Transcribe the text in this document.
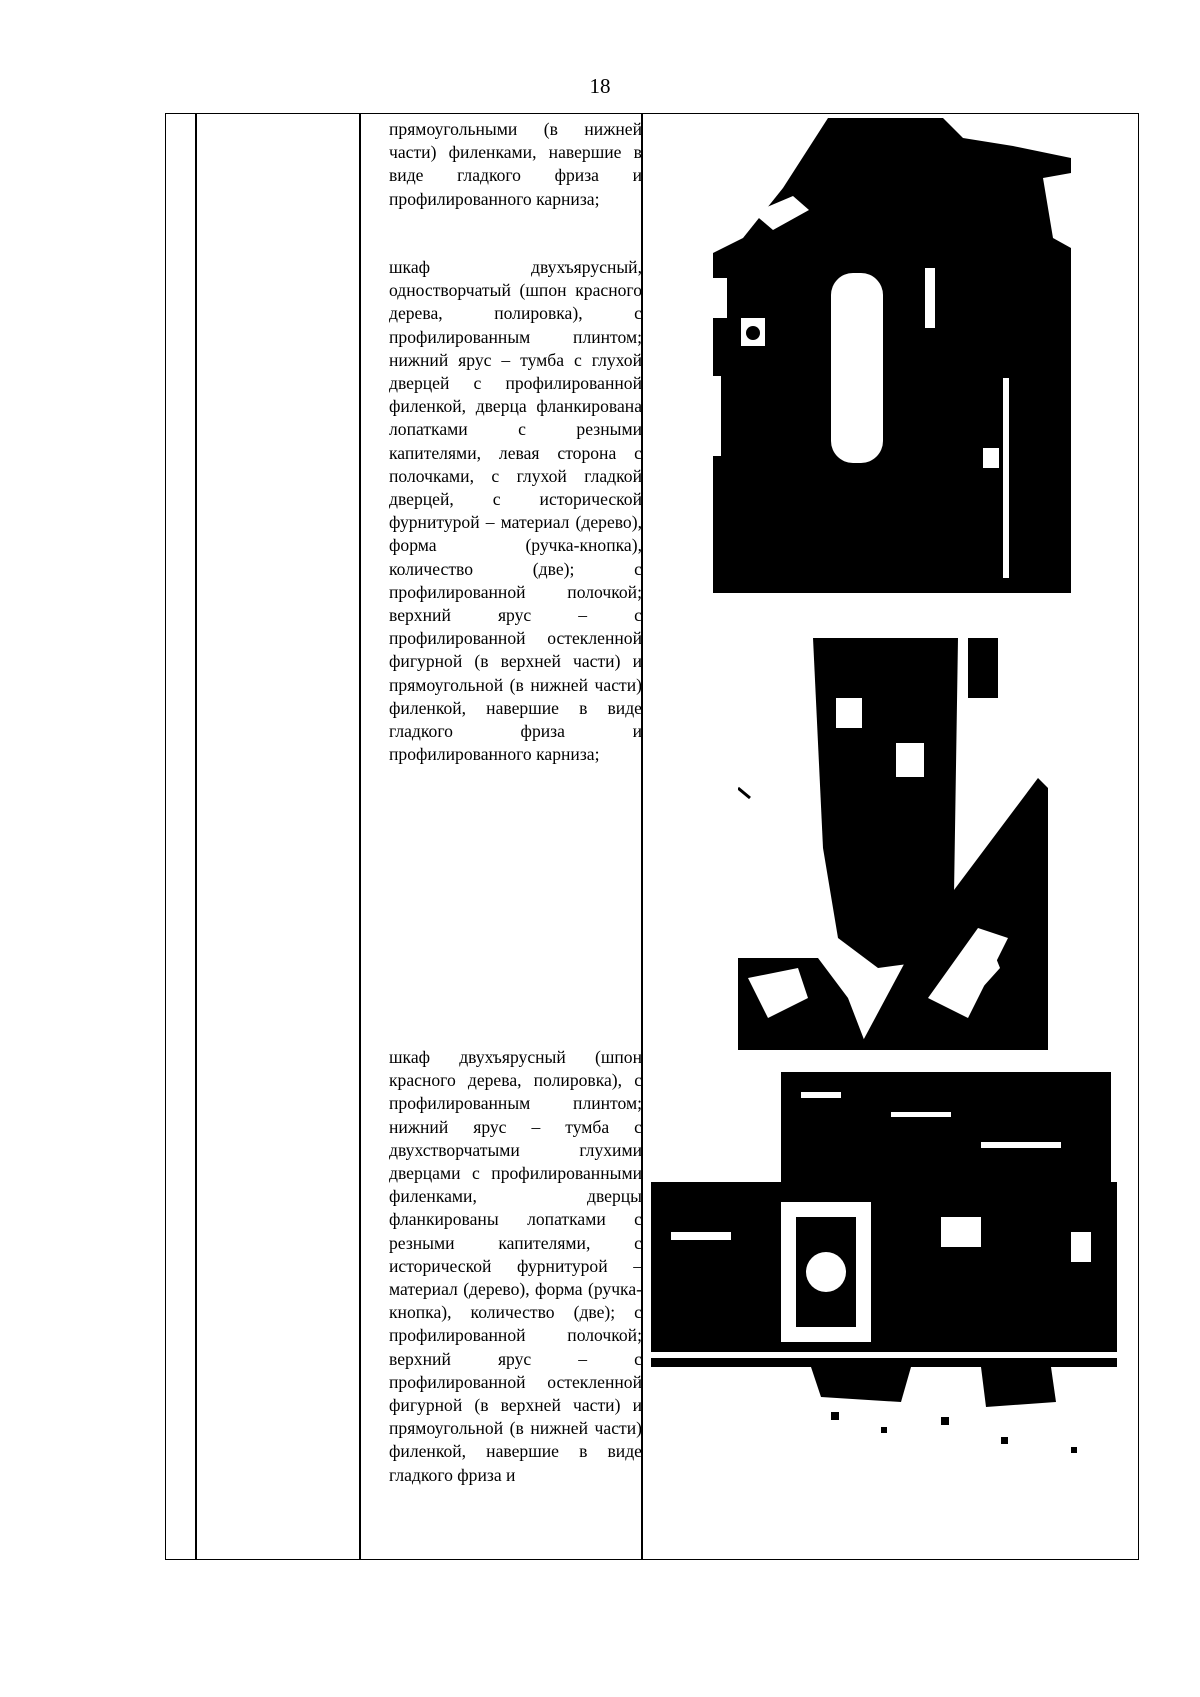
18

прямоугольными (в нижней части) филенками, навершие в виде гладкого фриза и профилированного карниза;

шкаф двухъярусный, одностворчатый (шпон красного дерева, полировка), с профилированным плинтом; нижний ярус – тумба с глухой дверцей с профилированной филенкой, дверца фланкирована лопатками с резными капителями, левая сторона с полочками, с глухой гладкой дверцей, с исторической фурнитурой – материал (дерево), форма (ручка-кнопка), количество (две); с профилированной полочкой; верхний ярус – с профилированной остекленной фигурной (в верхней части) и прямоугольной (в нижней части) филенкой, навершие в виде гладкого фриза и профилированного карниза;

шкаф двухъярусный (шпон красного дерева, полировка), с профилированным плинтом; нижний ярус – тумба с двухстворчатыми глухими дверцами с профилированными филенками, дверцы фланкированы лопатками с резными капителями, с исторической фурнитурой – материал (дерево), форма (ручка-кнопка), количество (две); с профилированной полочкой; верхний ярус – с профилированной остекленной фигурной (в верхней части) и прямоугольной (в нижней части) филенкой, навершие в виде гладкого фриза и
